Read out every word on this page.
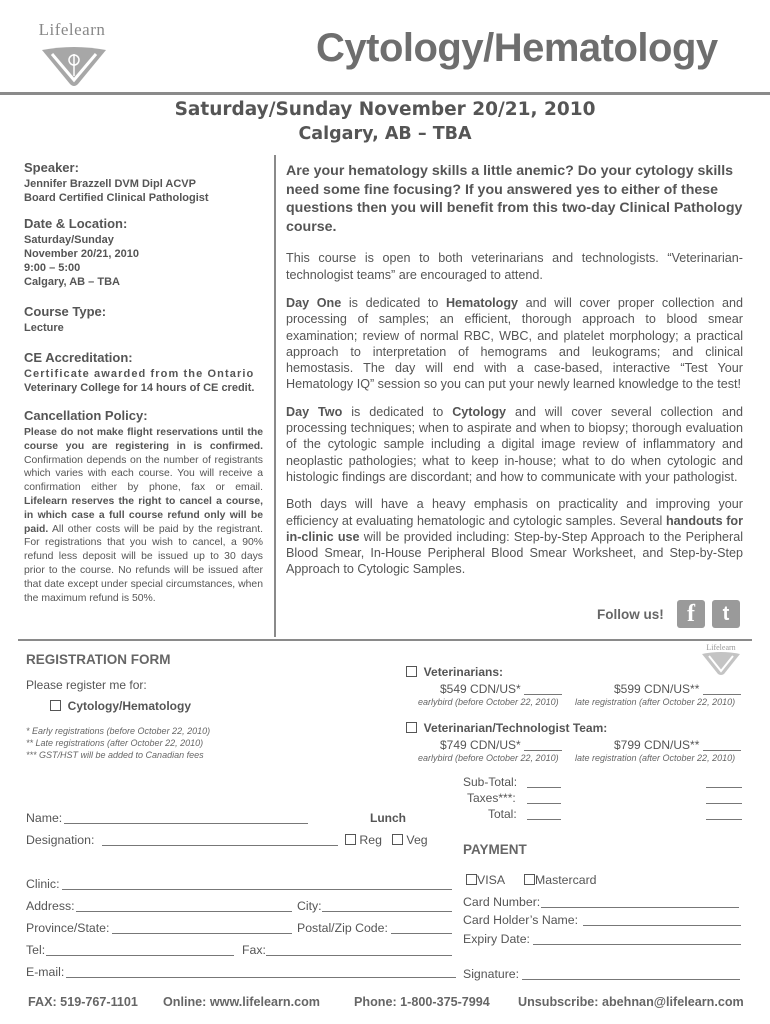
Lifelearn	Cytology/Hematology
Saturday/Sunday November 20/21, 2010
Calgary, AB – TBA
Speaker:
Jennifer Brazzell DVM Dipl ACVP
Board Certified Clinical Pathologist
Date & Location:
Saturday/Sunday
November 20/21, 2010
9:00 – 5:00
Calgary, AB – TBA
Course Type:
Lecture
CE Accreditation:
Certificate awarded from the Ontario
Veterinary College for 14 hours of CE credit.
Cancellation Policy:
Please do not make flight reservations until the course you are registering in is confirmed. Confirmation depends on the number of registrants which varies with each course. You will receive a confirmation either by phone, fax or email. Lifelearn reserves the right to cancel a course, in which case a full course refund only will be paid. All other costs will be paid by the registrant. For registrations that you wish to cancel, a 90% refund less deposit will be issued up to 30 days prior to the course. No refunds will be issued after that date except under special circumstances, when the maximum refund is 50%.
Are your hematology skills a little anemic? Do your cytology skills need some fine focusing? If you answered yes to either of these questions then you will benefit from this two-day Clinical Pathology course.
This course is open to both veterinarians and technologists. “Veterinarian-technologist teams” are encouraged to attend.
Day One is dedicated to Hematology and will cover proper collection and processing of samples; an efficient, thorough approach to blood smear examination; review of normal RBC, WBC, and platelet morphology; a practical approach to interpretation of hemograms and leukograms; and clinical hemostasis. The day will end with a case-based, interactive “Test Your Hematology IQ” session so you can put your newly learned knowledge to the test!
Day Two is dedicated to Cytology and will cover several collection and processing techniques; when to aspirate and when to biopsy; thorough evaluation of the cytologic sample including a digital image review of inflammatory and neoplastic pathologies; what to keep in-house; what to do when cytologic and histologic findings are discordant; and how to communicate with your pathologist.
Both days will have a heavy emphasis on practicality and improving your efficiency at evaluating hematologic and cytologic samples. Several handouts for in-clinic use will be provided including: Step-by-Step Approach to the Peripheral Blood Smear, In-House Peripheral Blood Smear Worksheet, and Step-by-Step Approach to Cytologic Samples.
Follow us! f	t
REGISTRATION FORM
Please register me for:
Cytology/Hematology
* Early registrations (before October 22, 2010)
** Late registrations (after October 22, 2010)
*** GST/HST will be added to Canadian fees
Lifelearn
Veterinarians:
$549 CDN/US*	$599 CDN/US**
earlybird (before October 22, 2010) late registration (after October 22, 2010)
Veterinarian/Technologist Team:
$749 CDN/US*	$799 CDN/US**
earlybird (before October 22, 2010) late registration (after October 22, 2010)
Sub-Total:
Taxes***:
Total:
Name:	Lunch
Designation:	Reg	Veg
PAYMENT
VISA	Mastercard
Clinic:
Address:	City:
Province/State:	Postal/Zip Code:
Tel:	Fax:
E-mail:
Card Number:
Card Holder’s Name:
Expiry Date:
Signature:
FAX: 519-767-1101 Online: www.lifelearn.com	Phone: 1-800-375-7994 Unsubscribe: abehnan@lifelearn.com
